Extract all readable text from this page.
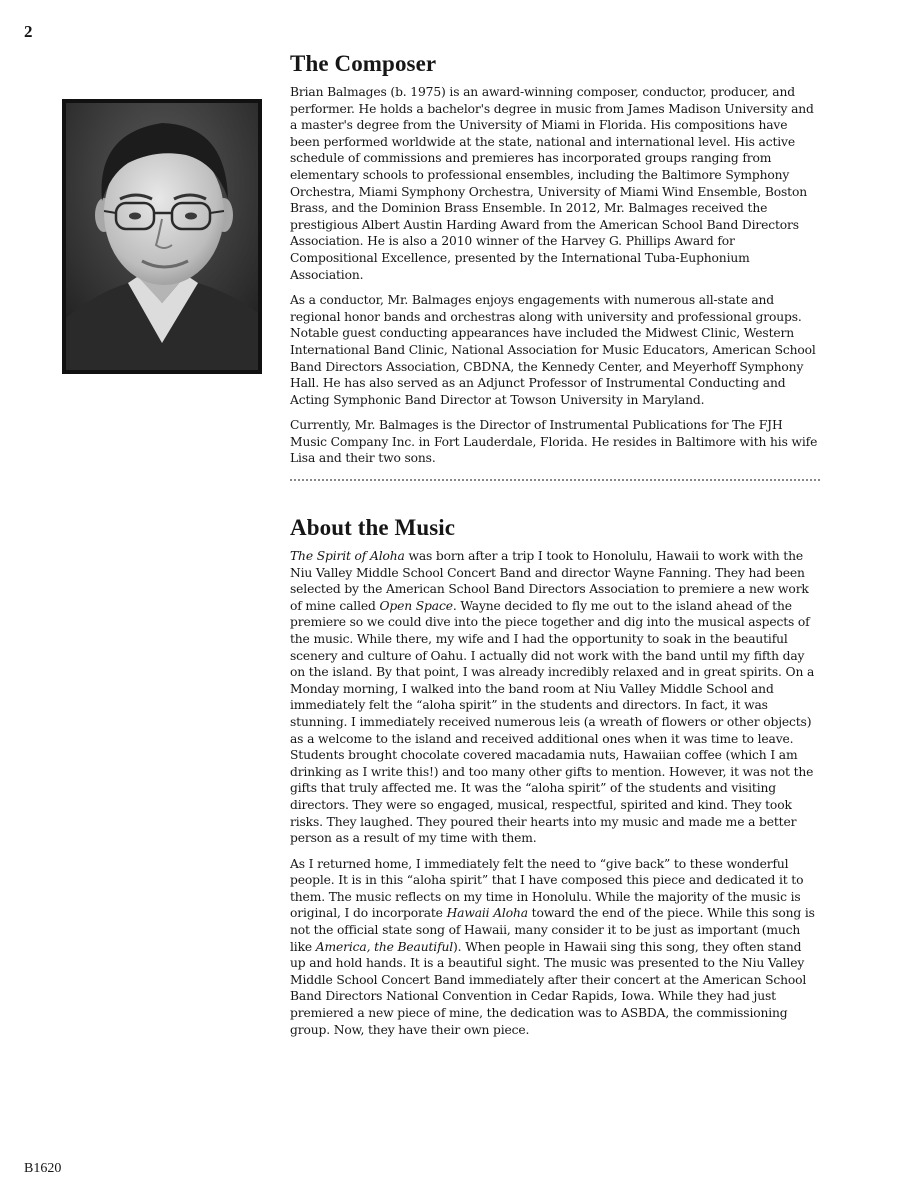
2
The Composer

Brian Balmages (b. 1975) is an award-winning composer, conductor, producer, and performer. He holds a bachelor's degree in music from James Madison University and a master's degree from the University of Miami in Florida. His compositions have been performed worldwide at the state, national and international level. His active schedule of commissions and premieres has incorporated groups ranging from elementary schools to professional ensembles, including the Baltimore Symphony Orchestra, Miami Symphony Orchestra, University of Miami Wind Ensemble, Boston Brass, and the Dominion Brass Ensemble. In 2012, Mr. Balmages received the prestigious Albert Austin Harding Award from the American School Band Directors Association. He is also a 2010 winner of the Harvey G. Phillips Award for Compositional Excellence, presented by the International Tuba-Euphonium Association.

As a conductor, Mr. Balmages enjoys engagements with numerous all-state and regional honor bands and orchestras along with university and professional groups. Notable guest conducting appearances have included the Midwest Clinic, Western International Band Clinic, National Association for Music Educators, American School Band Directors Association, CBDNA, the Kennedy Center, and Meyerhoff Symphony Hall. He has also served as an Adjunct Professor of Instrumental Conducting and Acting Symphonic Band Director at Towson University in Maryland.

Currently, Mr. Balmages is the Director of Instrumental Publications for The FJH Music Company Inc. in Fort Lauderdale, Florida. He resides in Baltimore with his wife Lisa and their two sons.

About the Music

The Spirit of Aloha was born after a trip I took to Honolulu, Hawaii to work with the Niu Valley Middle School Concert Band and director Wayne Fanning. They had been selected by the American School Band Directors Association to premiere a new work of mine called Open Space. Wayne decided to fly me out to the island ahead of the premiere so we could dive into the piece together and dig into the musical aspects of the music. While there, my wife and I had the opportunity to soak in the beautiful scenery and culture of Oahu. I actually did not work with the band until my fifth day on the island. By that point, I was already incredibly relaxed and in great spirits. On a Monday morning, I walked into the band room at Niu Valley Middle School and immediately felt the “aloha spirit” in the students and directors. In fact, it was stunning. I immediately received numerous leis (a wreath of flowers or other objects) as a welcome to the island and received additional ones when it was time to leave. Students brought chocolate covered macadamia nuts, Hawaiian coffee (which I am drinking as I write this!) and too many other gifts to mention. However, it was not the gifts that truly affected me. It was the “aloha spirit” of the students and visiting directors. They were so engaged, musical, respectful, spirited and kind. They took risks. They laughed. They poured their hearts into my music and made me a better person as a result of my time with them.

As I returned home, I immediately felt the need to “give back” to these wonderful people. It is in this “aloha spirit” that I have composed this piece and dedicated it to them. The music reflects on my time in Honolulu. While the majority of the music is original, I do incorporate Hawaii Aloha toward the end of the piece. While this song is not the official state song of Hawaii, many consider it to be just as important (much like America, the Beautiful). When people in Hawaii sing this song, they often stand up and hold hands. It is a beautiful sight. The music was presented to the Niu Valley Middle School Concert Band immediately after their concert at the American School Band Directors National Convention in Cedar Rapids, Iowa. While they had just premiered a new piece of mine, the dedication was to ASBDA, the commissioning group. Now, they have their own piece.

B1620
